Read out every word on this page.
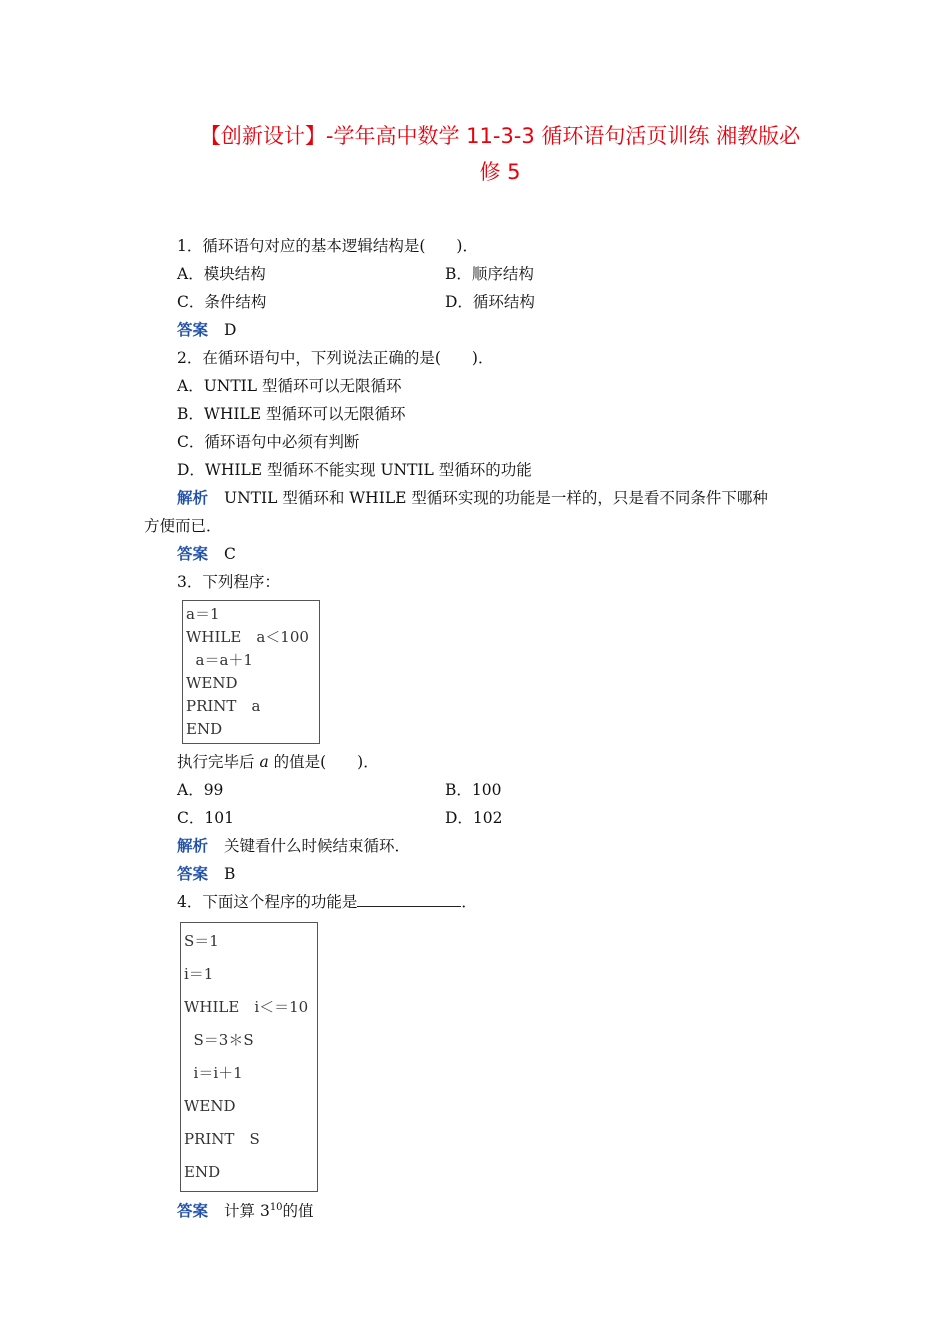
【创新设计】-学年高中数学 11-3-3 循环语句活页训练 湘教版必
修 5
1．循环语句对应的基本逻辑结构是(　　)．
A．模块结构	B．顺序结构
C．条件结构	D．循环结构
答案 D
2．在循环语句中，下列说法正确的是(　　)．
A．UNTIL 型循环可以无限循环
B．WHILE 型循环可以无限循环
C．循环语句中必须有判断
D．WHILE 型循环不能实现 UNTIL 型循环的功能
解析 UNTIL 型循环和 WHILE 型循环实现的功能是一样的，只是看不同条件下哪种
方便而已．
答案 C
3．下列程序：
a＝1
WHILE　a＜100
a＝a＋1
WEND
PRINT　a
END
执行完毕后 a 的值是(　　)．
A．99	B．100
C．101	D．102
解析 关键看什么时候结束循环．
答案 B
4．下面这个程序的功能是	．
S＝1
i＝1
WHILE　i＜＝10
S＝3＊S
i＝i＋1
WEND
PRINT　S
END
答案 计算 $3^{10}$的值
